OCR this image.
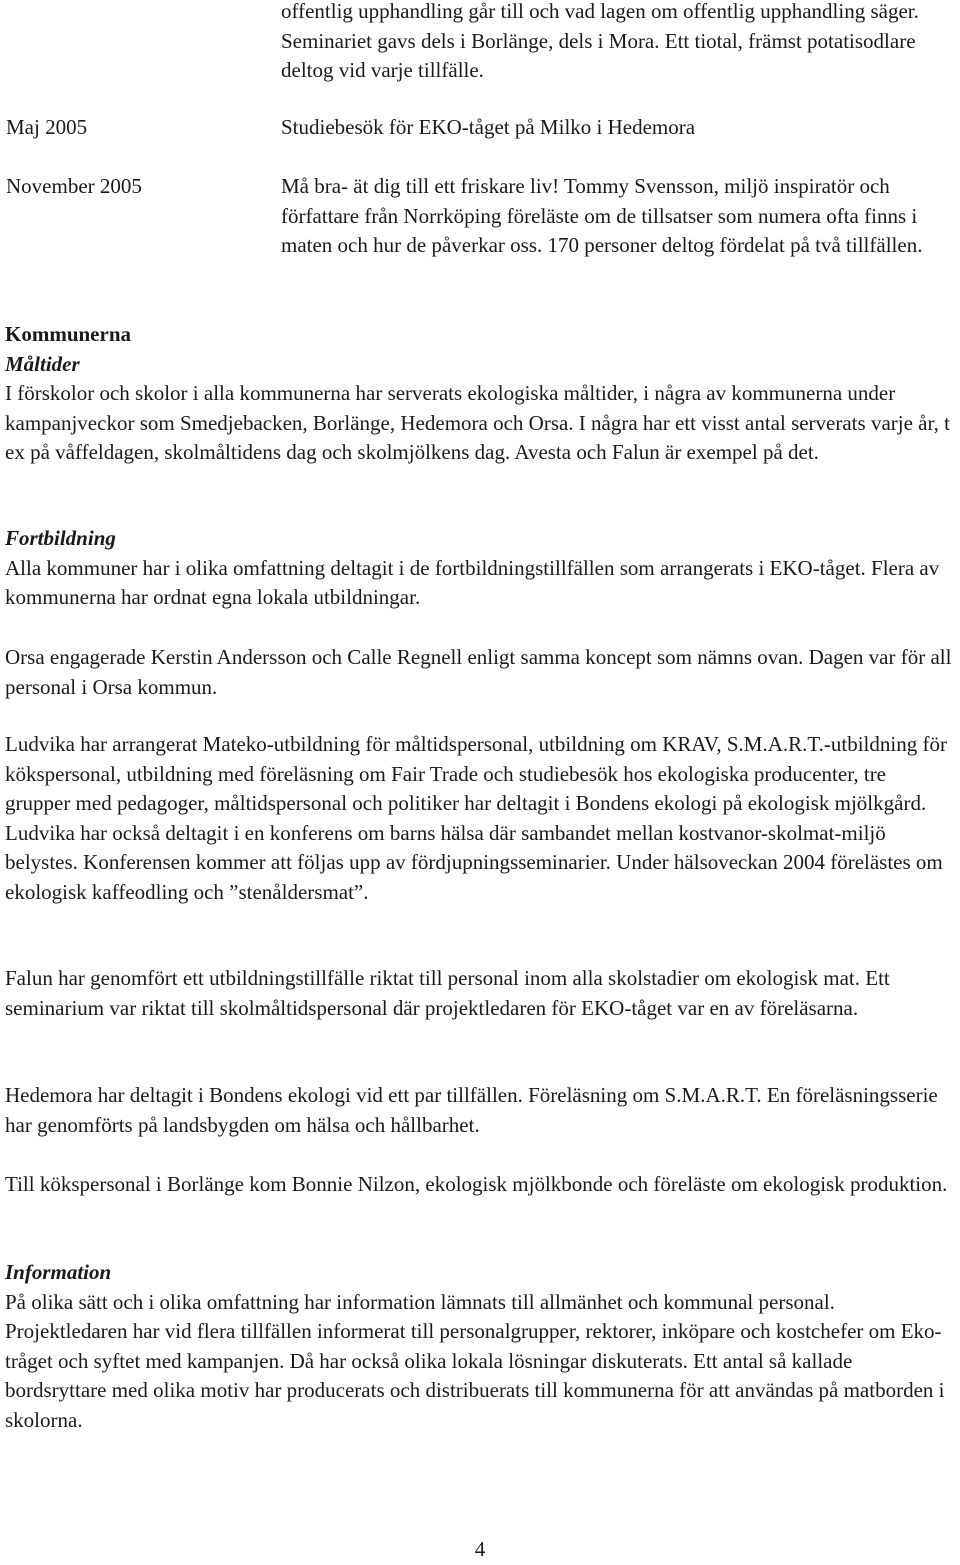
offentlig upphandling går till och vad lagen om offentlig upphandling säger. Seminariet gavs dels i Borlänge, dels i Mora. Ett tiotal, främst potatisodlare deltog vid varje tillfälle.

Maj 2005	Studiebesök för EKO-tåget på Milko i Hedemora

November 2005	Må bra- ät dig till ett friskare liv! Tommy Svensson, miljö inspiratör och författare från Norrköping föreläste om de tillsatser som numera ofta finns i maten och hur de påverkar oss. 170 personer deltog fördelat på två tillfällen.

Kommunerna

Måltider

I förskolor och skolor i alla kommunerna har serverats ekologiska måltider, i några av kommunerna under kampanjveckor som Smedjebacken, Borlänge, Hedemora och Orsa. I några har ett visst antal serverats varje år, t ex på våffeldagen, skolmåltidens dag och skolmjölkens dag. Avesta och Falun är exempel på det.

Fortbildning

Alla kommuner har i olika omfattning deltagit i de fortbildningstillfällen som arrangerats i EKO-tåget. Flera av kommunerna har ordnat egna lokala utbildningar.

Orsa engagerade Kerstin Andersson och Calle Regnell enligt samma koncept som nämns ovan. Dagen var för all personal i Orsa kommun.

Ludvika har arrangerat Mateko-utbildning för måltidspersonal, utbildning om KRAV, S.M.A.R.T.-utbildning för kökspersonal, utbildning med föreläsning om Fair Trade och studiebesök hos ekologiska producenter, tre grupper med pedagoger, måltidspersonal och politiker har deltagit i Bondens ekologi på ekologisk mjölkgård. Ludvika har också deltagit i en konferens om barns hälsa där sambandet mellan kostvanor-skolmat-miljö belystes. Konferensen kommer att följas upp av fördjupningsseminarier. Under hälsoveckan 2004 förelästes om ekologisk kaffeodling och ”stenåldersmat”.

Falun har genomfört ett utbildningstillfälle riktat till personal inom alla skolstadier om ekologisk mat. Ett seminarium var riktat till skolmåltidspersonal där projektledaren för EKO-tåget var en av föreläsarna.

Hedemora har deltagit i Bondens ekologi vid ett par tillfällen. Föreläsning om S.M.A.R.T. En föreläsningsserie har genomförts på landsbygden om hälsa och hållbarhet.

Till kökspersonal i Borlänge kom Bonnie Nilzon, ekologisk mjölkbonde och föreläste om ekologisk produktion.

Information

På olika sätt och i olika omfattning har information lämnats till allmänhet och kommunal personal. Projektledaren har vid flera tillfällen informerat till personalgrupper, rektorer, inköpare och kostchefer om Eko-tråget och syftet med kampanjen. Då har också olika lokala lösningar diskuterats. Ett antal så kallade bordsryttare med olika motiv har producerats och distribuerats till kommunerna för att användas på matborden i skolorna.

4
